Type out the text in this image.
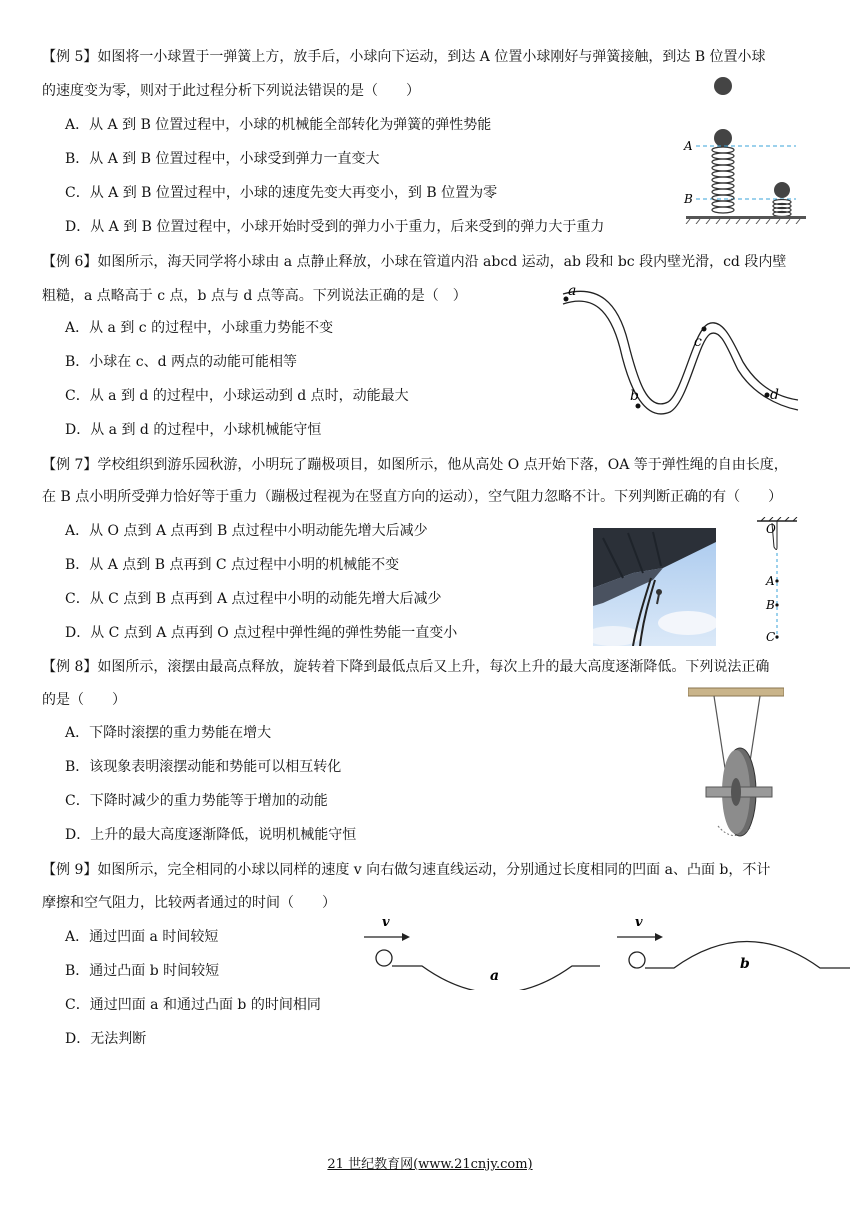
【例 5】如图将一小球置于一弹簧上方，放手后，小球向下运动，到达 A 位置小球刚好与弹簧接触，到达 B 位置小球
的速度变为零，则对于此过程分析下列说法错误的是（　　）
A．从 A 到 B 位置过程中，小球的机械能全部转化为弹簧的弹性势能
B．从 A 到 B 位置过程中，小球受到弹力一直变大
C．从 A 到 B 位置过程中，小球的速度先变大再变小，到 B 位置为零
D．从 A 到 B 位置过程中，小球开始时受到的弹力小于重力，后来受到的弹力大于重力
A
B
【例 6】如图所示，海天同学将小球由 a 点静止释放，小球在管道内沿 abcd 运动，ab 段和 bc 段内壁光滑，cd 段内壁
粗糙，a 点略高于 c 点，b 点与 d 点等高。下列说法正确的是（　）
A．从 a 到 c 的过程中，小球重力势能不变
B．小球在 c、d 两点的动能可能相等
C．从 a 到 d 的过程中，小球运动到 d 点时，动能最大
D．从 a 到 d 的过程中，小球机械能守恒
a
b
c
d
【例 7】学校组织到游乐园秋游，小明玩了蹦极项目，如图所示，他从高处 O 点开始下落，OA 等于弹性绳的自由长度，
在 B 点小明所受弹力恰好等于重力（蹦极过程视为在竖直方向的运动），空气阻力忽略不计。下列判断正确的有（　　）
A．从 O 点到 A 点再到 B 点过程中小明动能先增大后减少
B．从 A 点到 B 点再到 C 点过程中小明的机械能不变
C．从 C 点到 B 点再到 A 点过程中小明的动能先增大后减少
D．从 C 点到 A 点再到 O 点过程中弹性绳的弹性势能一直变小
O
A
B
C
【例 8】如图所示，滚摆由最高点释放，旋转着下降到最低点后又上升，每次上升的最大高度逐渐降低。下列说法正确
的是（　　）
A．下降时滚摆的重力势能在增大
B．该现象表明滚摆动能和势能可以相互转化
C．下降时减少的重力势能等于增加的动能
D．上升的最大高度逐渐降低，说明机械能守恒
【例 9】如图所示，完全相同的小球以同样的速度 v 向右做匀速直线运动，分别通过长度相同的凹面 a、凸面 b，不计
摩擦和空气阻力，比较两者通过的时间（　　）
A．通过凹面 a 时间较短
B．通过凸面 b 时间较短
C．通过凹面 a 和通过凸面 b 的时间相同
D．无法判断
v
a
v
b
21 世纪教育网(www.21cnjy.com)
